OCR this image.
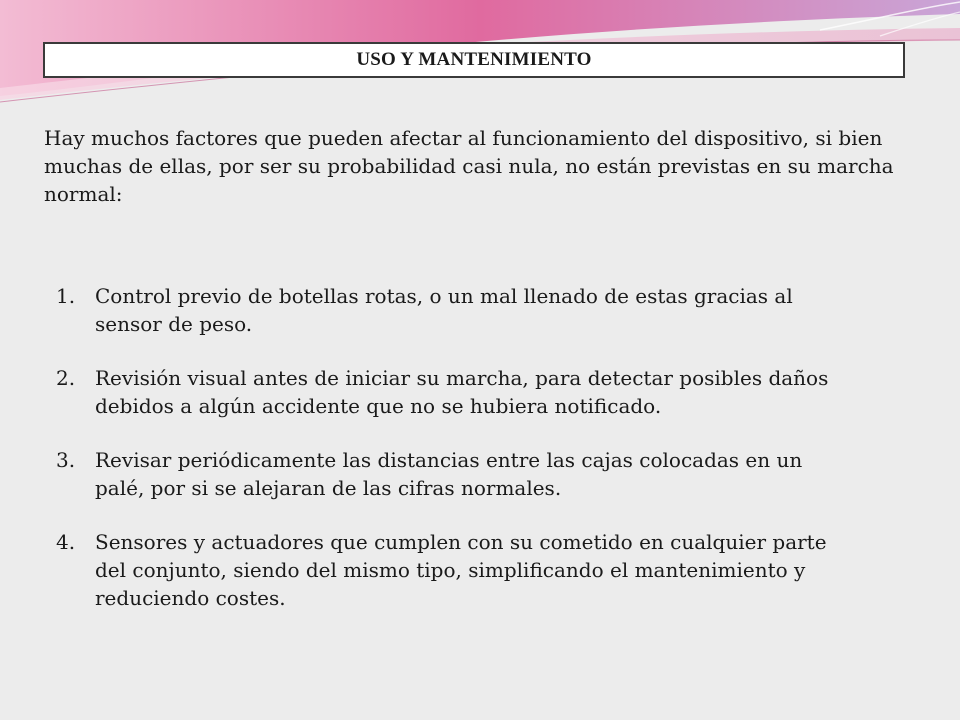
USO Y MANTENIMIENTO

Hay muchos factores que pueden afectar al funcionamiento del dispositivo, si bien muchas de ellas, por ser su probabilidad casi nula, no están previstas en su marcha normal:

1. Control previo de botellas rotas, o un mal llenado de estas gracias al sensor de peso.
2. Revisión visual antes de iniciar su marcha, para detectar posibles daños debidos a algún accidente que no se hubiera notificado.
3. Revisar periódicamente las distancias entre las cajas colocadas en un palé, por si se alejaran de las cifras normales.
4. Sensores y actuadores que cumplen con su cometido en cualquier parte del conjunto, siendo del mismo tipo, simplificando el mantenimiento y reduciendo costes.
